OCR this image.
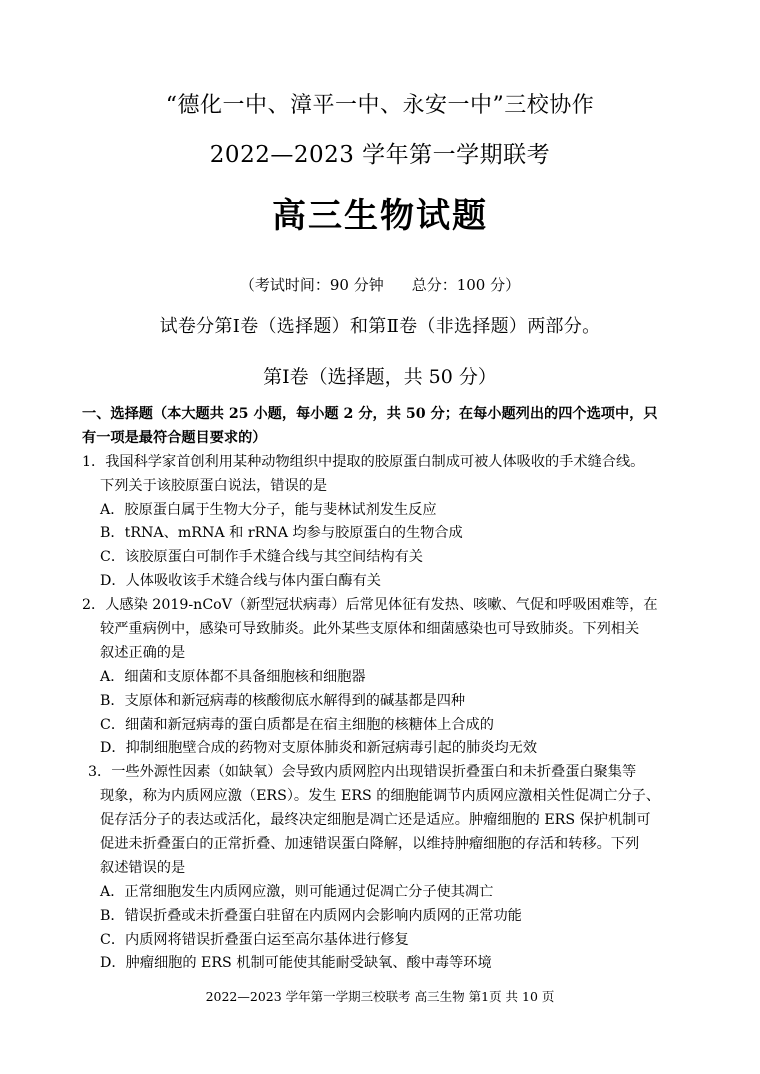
“德化一中、漳平一中、永安一中”三校协作
2022—2023 学年第一学期联考
高三生物试题
（考试时间：90 分钟 总分：100 分）
试卷分第Ⅰ卷（选择题）和第Ⅱ卷（非选择题）两部分。
第Ⅰ卷（选择题，共 50 分）
一、选择题（本大题共 25 小题，每小题 2 分，共 50 分；在每小题列出的四个选项中，只
有一项是最符合题目要求的）
1．我国科学家首创利用某种动物组织中提取的胶原蛋白制成可被人体吸收的手术缝合线。
下列关于该胶原蛋白说法，错误的是
A．胶原蛋白属于生物大分子，能与斐林试剂发生反应
B．tRNA、mRNA 和 rRNA 均参与胶原蛋白的生物合成
C．该胶原蛋白可制作手术缝合线与其空间结构有关
D．人体吸收该手术缝合线与体内蛋白酶有关
2．人感染 2019-nCoV（新型冠状病毒）后常见体征有发热、咳嗽、气促和呼吸困难等，在
较严重病例中，感染可导致肺炎。此外某些支原体和细菌感染也可导致肺炎。下列相关
叙述正确的是
A．细菌和支原体都不具备细胞核和细胞器
B．支原体和新冠病毒的核酸彻底水解得到的碱基都是四种
C．细菌和新冠病毒的蛋白质都是在宿主细胞的核糖体上合成的
D．抑制细胞壁合成的药物对支原体肺炎和新冠病毒引起的肺炎均无效
3．一些外源性因素（如缺氧）会导致内质网腔内出现错误折叠蛋白和未折叠蛋白聚集等
现象，称为内质网应激（ERS）。发生 ERS 的细胞能调节内质网应激相关性促凋亡分子、
促存活分子的表达或活化，最终决定细胞是凋亡还是适应。肿瘤细胞的 ERS 保护机制可
促进未折叠蛋白的正常折叠、加速错误蛋白降解，以维持肿瘤细胞的存活和转移。下列
叙述错误的是
A．正常细胞发生内质网应激，则可能通过促凋亡分子使其凋亡
B．错误折叠或未折叠蛋白驻留在内质网内会影响内质网的正常功能
C．内质网将错误折叠蛋白运至高尔基体进行修复
D．肿瘤细胞的 ERS 机制可能使其能耐受缺氧、酸中毒等环境
2022—2023 学年第一学期三校联考 高三生物 第1页 共 10 页
